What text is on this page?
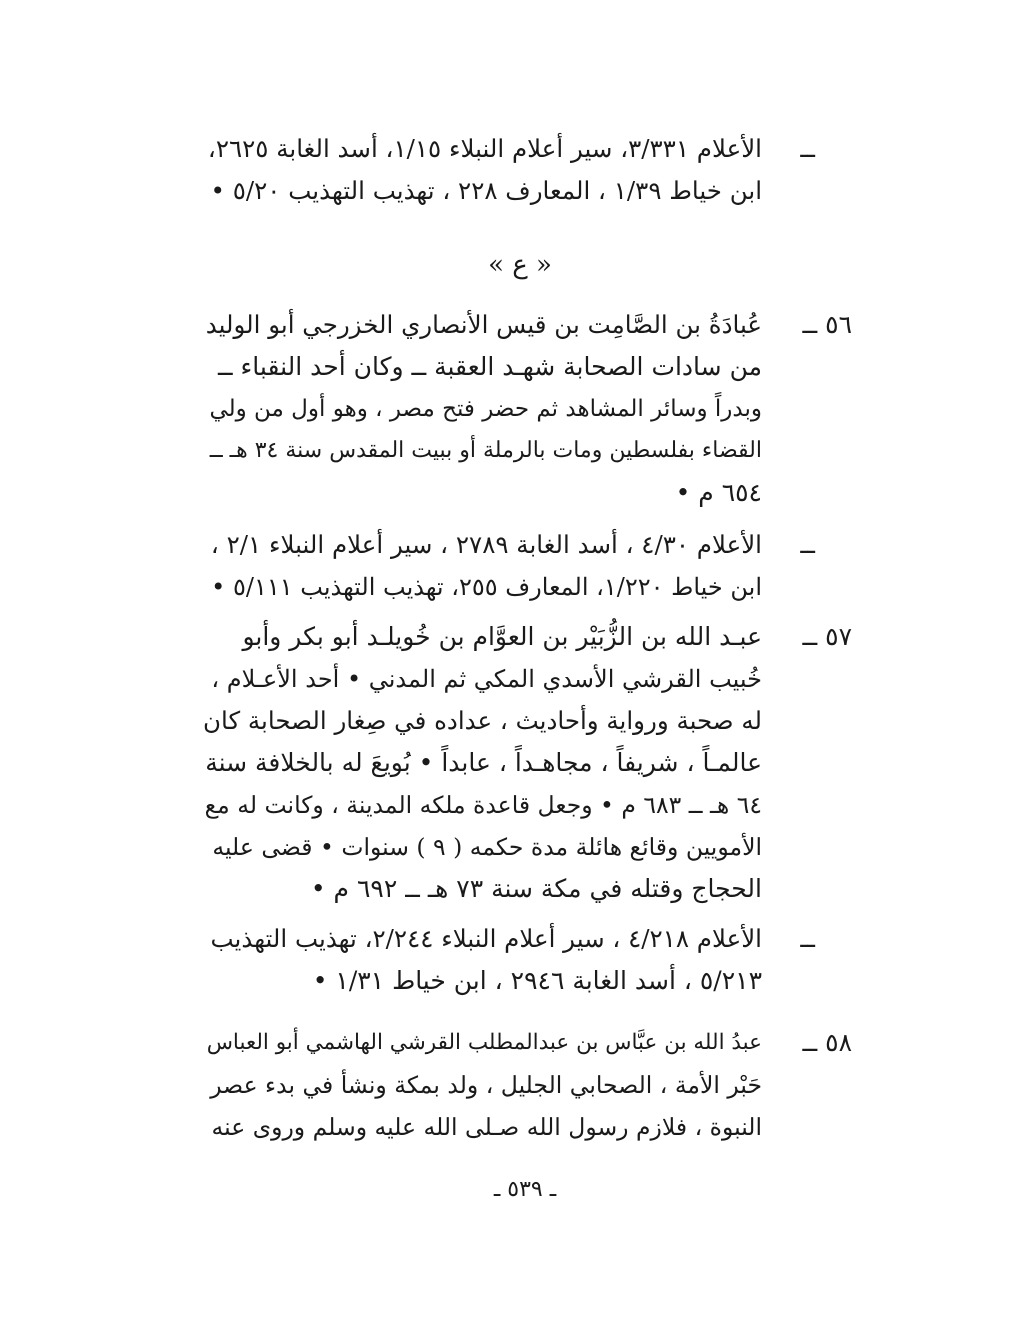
ــ
الأعلام ٣/٣٣١، سير أعلام النبلاء ١/١٥، أسد الغابة ٢٦٢٥،
ابن خياط ١/٣٩ ، المعارف ٢٢٨ ، تهذيب التهذيب ٥/٢٠ •
« ع »
٥٦ ــ
عُبادَةُ بن الصَّامِت بن قيس الأنصاري الخزرجي أبو الوليد
من سادات الصحابة شهـد العقبة ــ وكان أحد النقباء ــ
وبدراً وسائر المشاهد ثم حضر فتح مصر ، وهو أول من ولي
القضاء بفلسطين ومات بالرملة أو ببيت المقدس سنة ٣٤ هـ ــ
٦٥٤ م •
ــ
الأعلام ٤/٣٠ ، أسد الغابة ٢٧٨٩ ، سير أعلام النبلاء ٢/١ ،
ابن خياط ١/٢٢٠، المعارف ٢٥٥، تهذيب التهذيب ٥/١١١ •
٥٧ ــ
عبـد الله بن الزُّبَيْر بن العوَّام بن خُويلـد أبو بكر وأبو
خُبيب القرشي الأسدي المكي ثم المدني • أحد الأعـلام ،
له صحبة ورواية وأحاديث ، عداده في صِغار الصحابة كان
عالمـاً ، شريفاً ، مجاهـداً ، عابداً • بُويعَ له بالخلافة سنة
٦٤ هـ ــ ٦٨٣ م • وجعل قاعدة ملكه المدينة ، وكانت له مع
الأمويين وقائع هائلة مدة حكمه ( ٩ ) سنوات • قضى عليه
الحجاج وقتله في مكة سنة ٧٣ هـ ــ ٦٩٢ م •
ــ
الأعلام ٤/٢١٨ ، سير أعلام النبلاء ٢/٢٤٤، تهذيب التهذيب
٥/٢١٣ ، أسد الغابة ٢٩٤٦ ، ابن خياط ١/٣١ •
٥٨ ــ
عبدُ الله بن عبَّاس بن عبدالمطلب القرشي الهاشمي أبو العباس
حَبْر الأمة ، الصحابي الجليل ، ولد بمكة ونشأ في بدء عصر
النبوة ، فلازم رسول الله صـلى الله عليه وسلم وروى عنه
ـ ٥٣٩ ـ
